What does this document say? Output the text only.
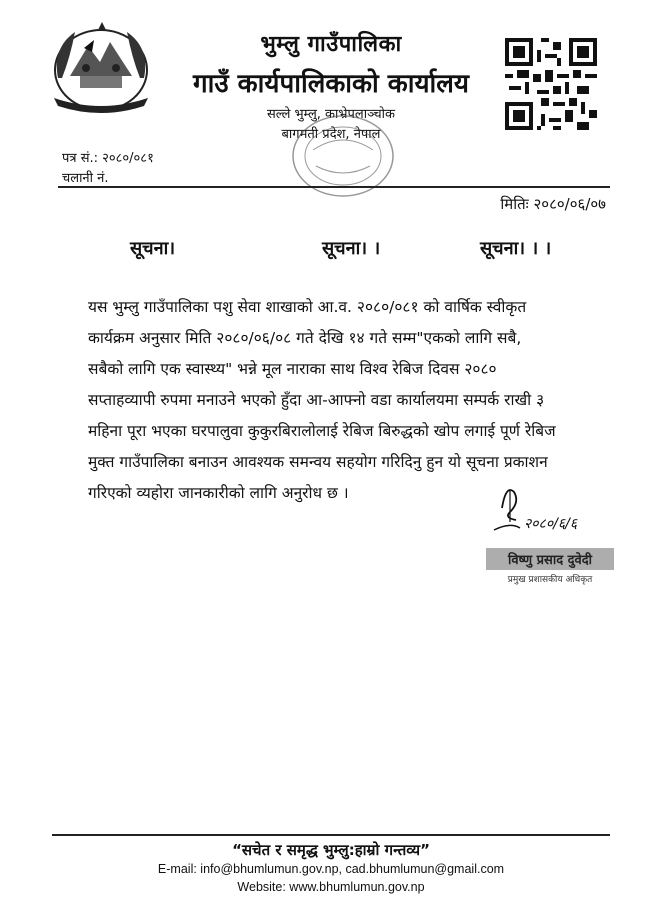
भुम्लु गाउँपालिका
गाउँ कार्यपालिकाको कार्यालय
सल्ले भुम्लु, काभ्रेपलाञ्चोक
बागमती प्रदेश, नेपाल
पत्र सं.: २०८०/०८१
चलानी नं.
मितिः २०८०/०६/०७
सूचना।	सूचना। ।	सूचना। । ।
यस भुम्लु गाउँपालिका पशु सेवा शाखाको आ.व. २०८०/०८१ को वार्षिक स्वीकृत
कार्यक्रम अनुसार मिति २०८०/०६/०८ गते देखि १४ गते सम्म"एकको लागि सबै,
सबैको लागि एक स्वास्थ्य" भन्ने मूल नाराका साथ विश्व रेबिज दिवस २०८०
सप्ताहव्यापी रुपमा मनाउने भएको हुँदा आ-आफ्नो वडा कार्यालयमा सम्पर्क राखी ३
महिना पूरा भएका घरपालुवा कुकुरबिरालोलाई रेबिज बिरुद्धको खोप लगाई पूर्ण रेबिज
मुक्त गाउँपालिका बनाउन आवश्यक समन्वय सहयोग गरिदिनु हुन यो सूचना प्रकाशन
गरिएको व्यहोरा जानकारीको लागि अनुरोध छ ।
२०८०/६/६
विष्णु प्रसाद दुवेदी
प्रमुख प्रशासकीय अधिकृत
“सचेत र समृद्ध भुम्लु:हाम्रो गन्तव्य”
E-mail: info@bhumlumun.gov.np, cad.bhumlumun@gmail.com
Website: www.bhumlumun.gov.np
